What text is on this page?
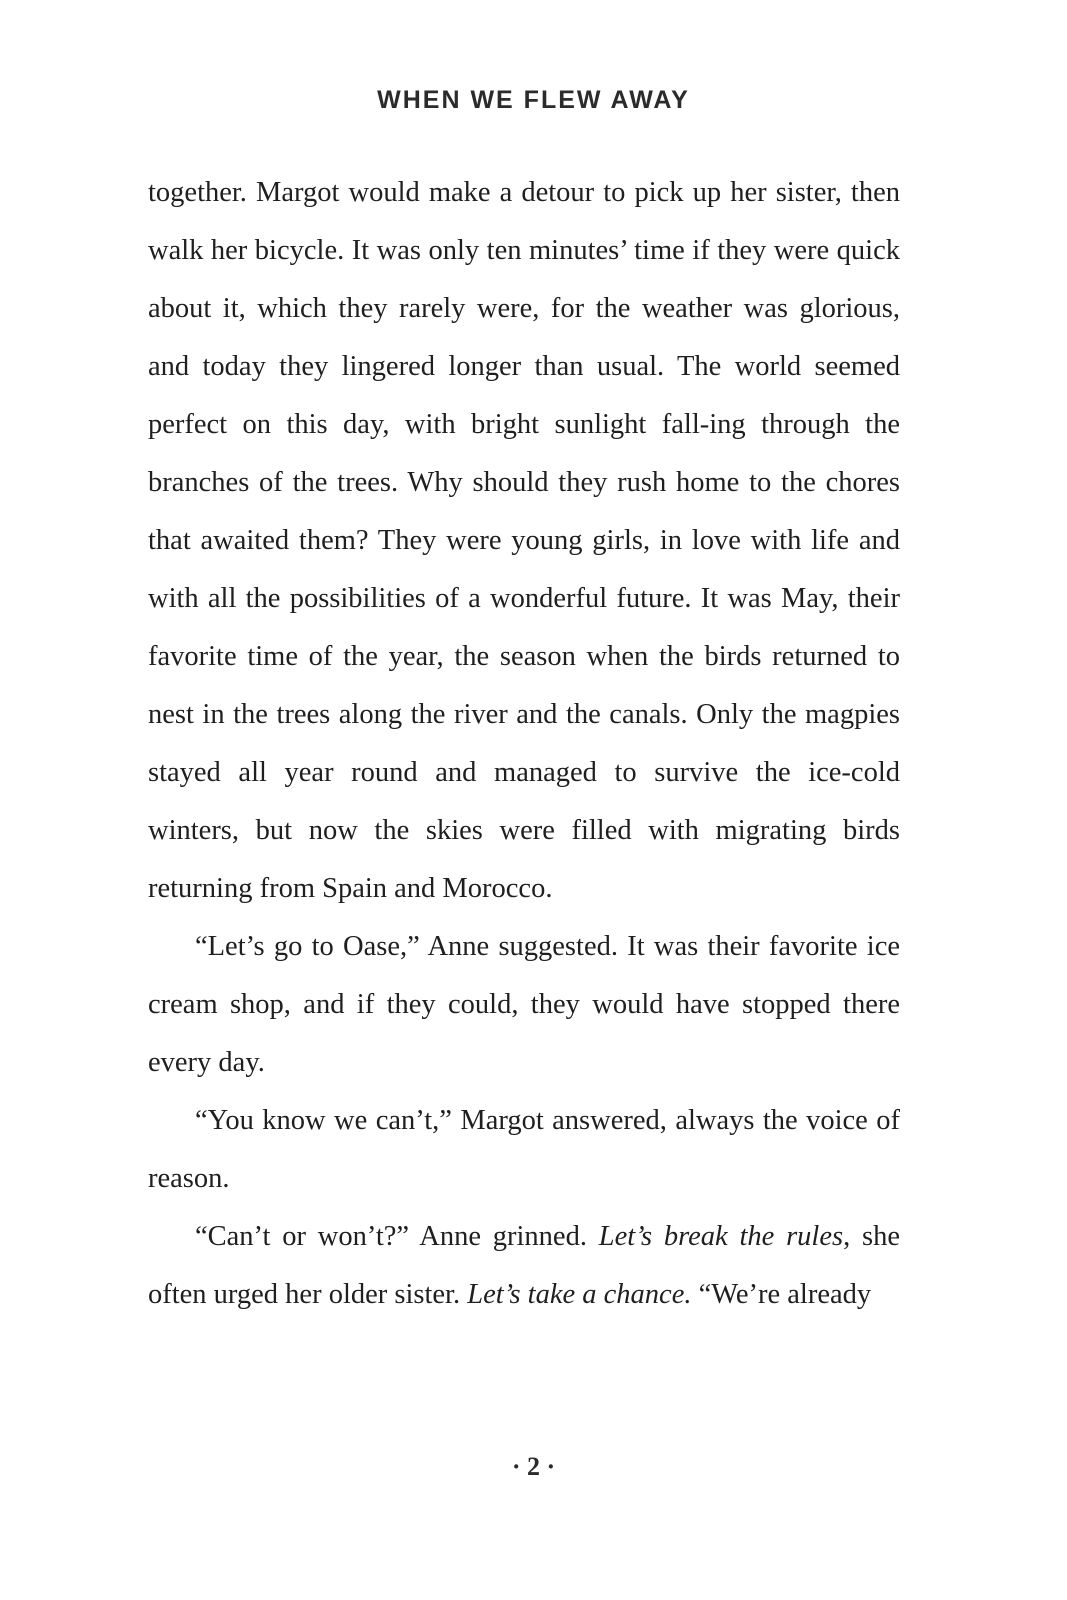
WHEN WE FLEW AWAY

together. Margot would make a detour to pick up her sister, then walk her bicycle. It was only ten minutes’ time if they were quick about it, which they rarely were, for the weather was glorious, and today they lingered longer than usual. The world seemed perfect on this day, with bright sunlight fall-ing through the branches of the trees. Why should they rush home to the chores that awaited them? They were young girls, in love with life and with all the possibilities of a wonderful future. It was May, their favorite time of the year, the season when the birds returned to nest in the trees along the river and the canals. Only the magpies stayed all year round and managed to survive the ice-cold winters, but now the skies were filled with migrating birds returning from Spain and Morocco.

“Let’s go to Oase,” Anne suggested. It was their favorite ice cream shop, and if they could, they would have stopped there every day.

“You know we can’t,” Margot answered, always the voice of reason.

“Can’t or won’t?” Anne grinned. Let’s break the rules, she often urged her older sister. Let’s take a chance. “We’re already

· 2 ·
